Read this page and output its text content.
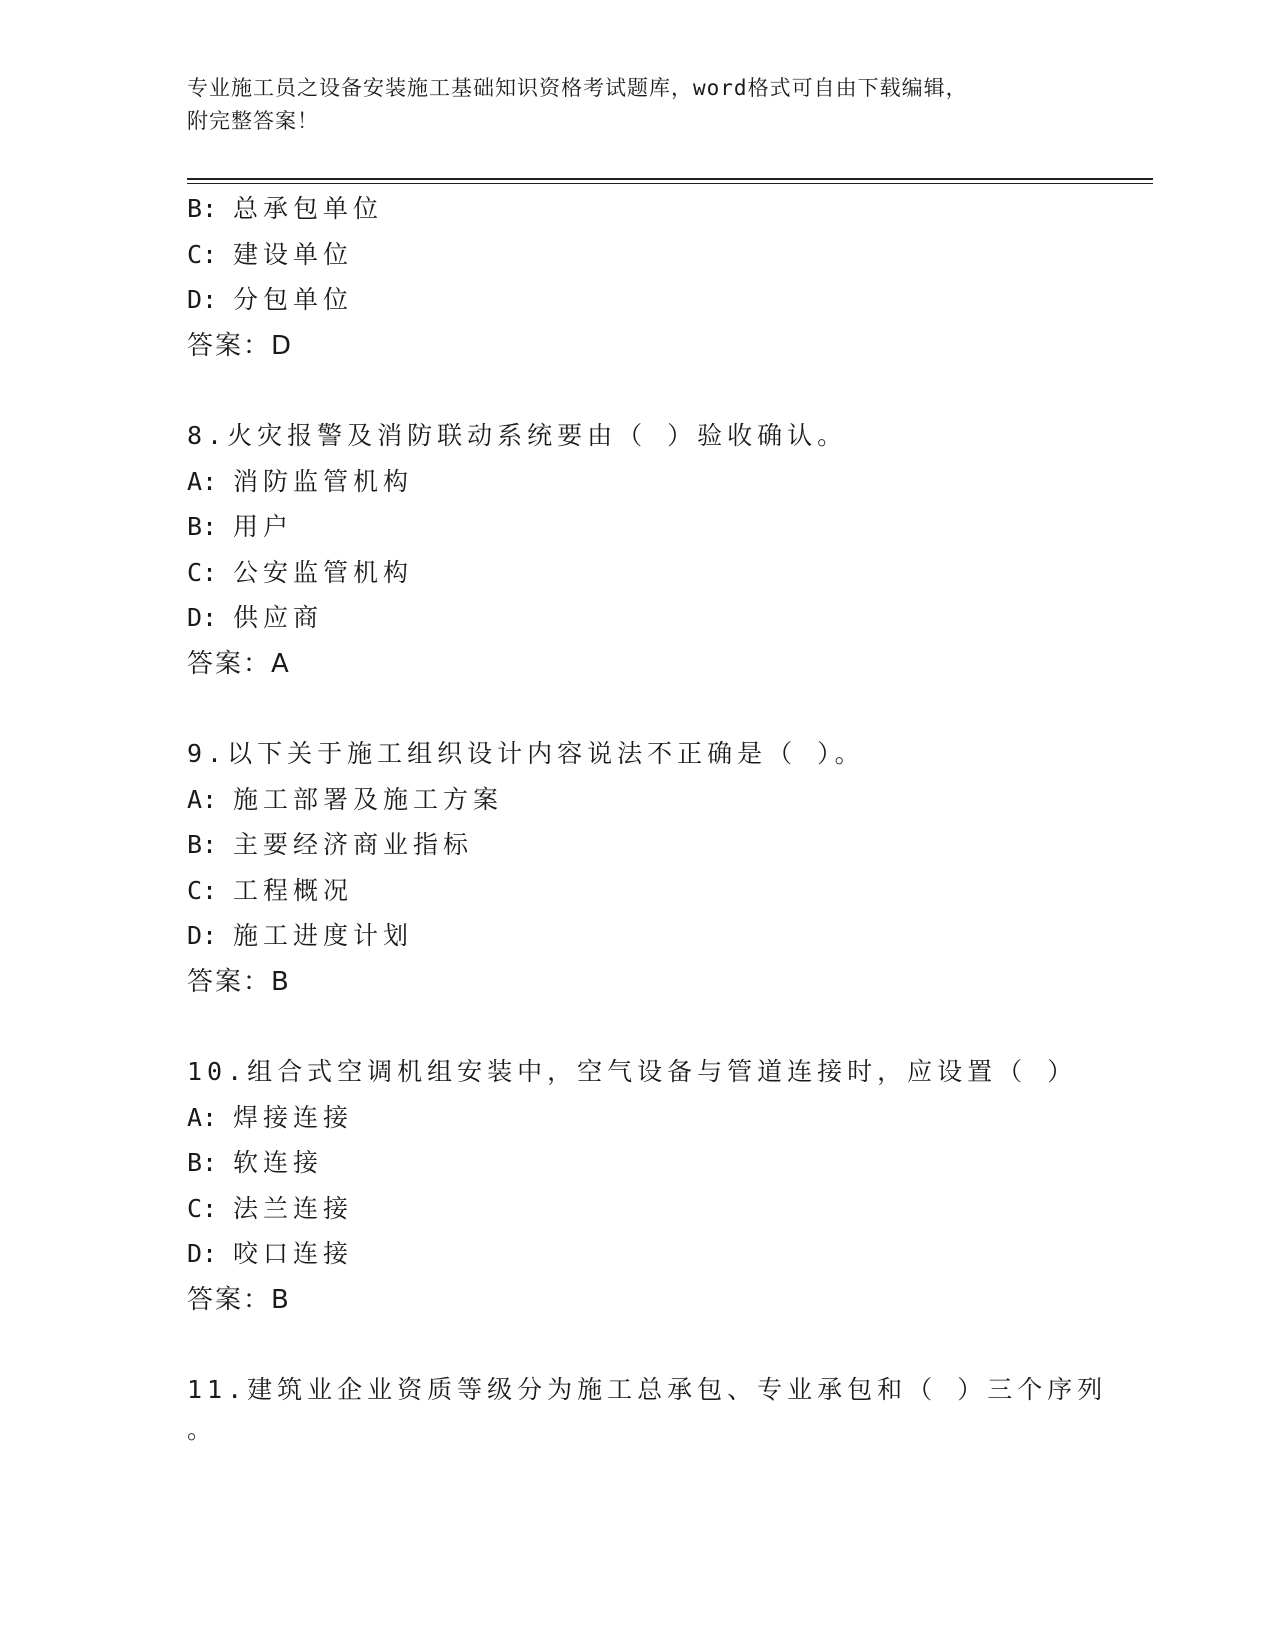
专业施工员之设备安装施工基础知识资格考试题库，word格式可自由下载编辑，
附完整答案！
B: 总承包单位
C: 建设单位
D: 分包单位
答案：D
8.火灾报警及消防联动系统要由（ ）验收确认。
A: 消防监管机构
B: 用户
C: 公安监管机构
D: 供应商
答案：A
9.以下关于施工组织设计内容说法不正确是（ ）。
A: 施工部署及施工方案
B: 主要经济商业指标
C: 工程概况
D: 施工进度计划
答案：B
10.组合式空调机组安装中，空气设备与管道连接时，应设置（ ）
A: 焊接连接
B: 软连接
C: 法兰连接
D: 咬口连接
答案：B
11.建筑业企业资质等级分为施工总承包、专业承包和（ ）三个序列
。
